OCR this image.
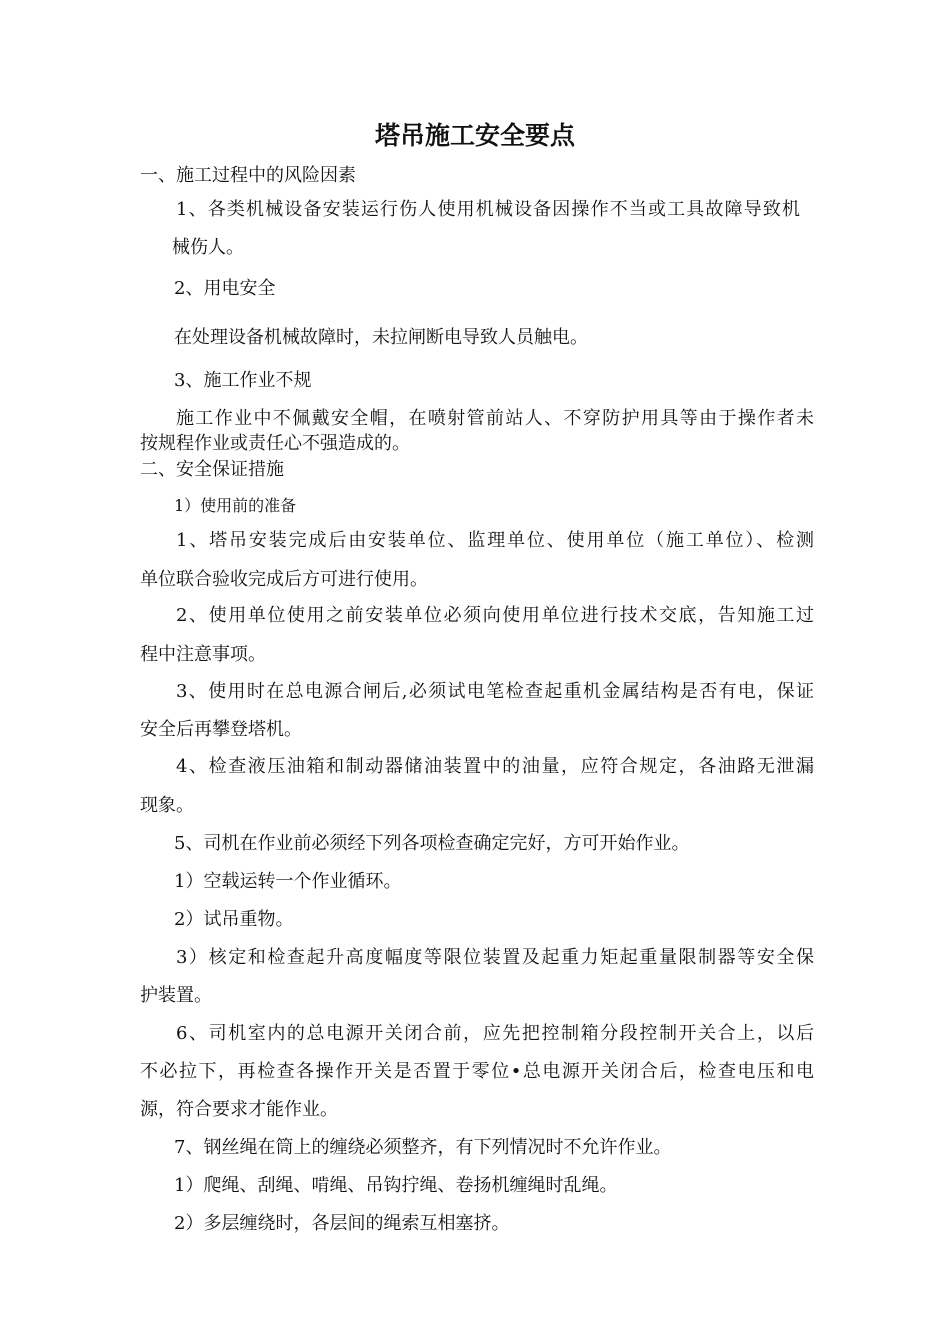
塔吊施工安全要点

一、施工过程中的风险因素

1、各类机械设备安装运行伤人使用机械设备因操作不当或工具故障导致机

械伤人。

2、用电安全

在处理设备机械故障时，未拉闸断电导致人员触电。

3、施工作业不规

施工作业中不佩戴安全帽，在喷射管前站人、不穿防护用具等由于操作者未

按规程作业或责任心不强造成的。

二、安全保证措施

1）使用前的准备

1、塔吊安装完成后由安装单位、监理单位、使用单位（施工单位）、检测

单位联合验收完成后方可进行使用。

2、使用单位使用之前安装单位必须向使用单位进行技术交底，告知施工过

程中注意事项。

3、使用时在总电源合闸后,必须试电笔检查起重机金属结构是否有电，保证

安全后再攀登塔机。

4、检查液压油箱和制动器储油装置中的油量，应符合规定，各油路无泄漏

现象。

5、司机在作业前必须经下列各项检查确定完好，方可开始作业。

1）空载运转一个作业循环。

2）试吊重物。

3）核定和检查起升高度幅度等限位装置及起重力矩起重量限制器等安全保

护装置。

6、司机室内的总电源开关闭合前，应先把控制箱分段控制开关合上，以后

不必拉下，再检查各操作开关是否置于零位•总电源开关闭合后，检查电压和电

源，符合要求才能作业。

7、钢丝绳在筒上的缠绕必须整齐，有下列情况时不允许作业。

1）爬绳、刮绳、啃绳、吊钩拧绳、卷扬机缠绳时乱绳。

2）多层缠绕时，各层间的绳索互相塞挤。
